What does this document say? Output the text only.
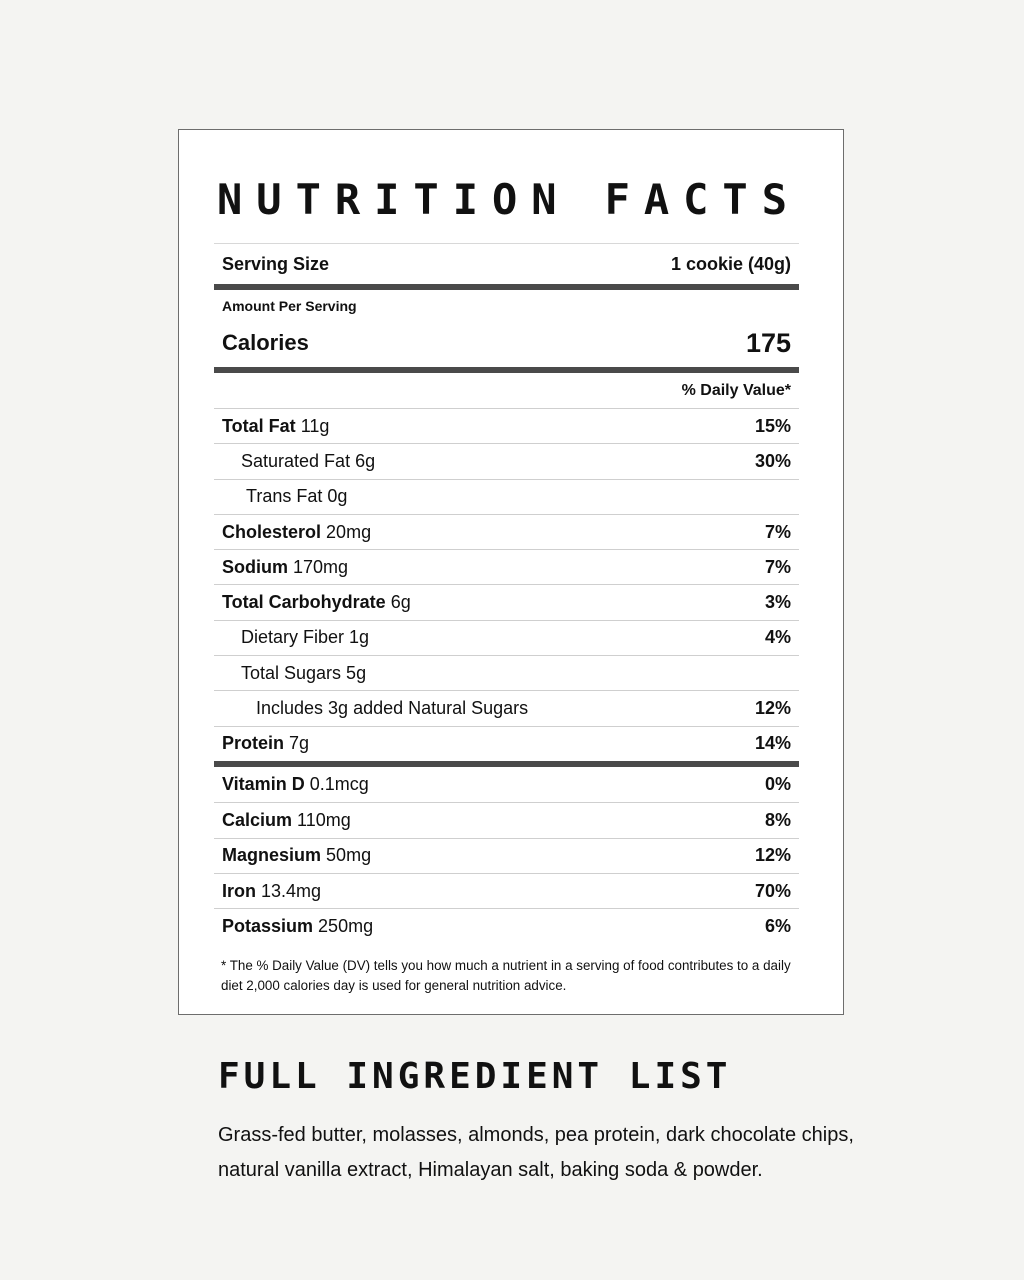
NUTRITION FACTS
Serving Size	1 cookie (40g)
Amount Per Serving
Calories	175
% Daily Value*
Total Fat 11g	15%
Saturated Fat 6g	30%
Trans Fat 0g
Cholesterol 20mg	7%
Sodium 170mg	7%
Total Carbohydrate 6g	3%
Dietary Fiber 1g	4%
Total Sugars 5g
Includes 3g added Natural Sugars	12%
Protein 7g	14%
Vitamin D 0.1mcg	0%
Calcium 110mg	8%
Magnesium 50mg	12%
Iron 13.4mg	70%
Potassium 250mg	6%

* The % Daily Value (DV) tells you how much a nutrient in a serving of food contributes to a daily diet 2,000 calories day is used for general nutrition advice.

FULL INGREDIENT LIST

Grass-fed butter, molasses, almonds, pea protein, dark chocolate chips, natural vanilla extract, Himalayan salt, baking soda & powder.
